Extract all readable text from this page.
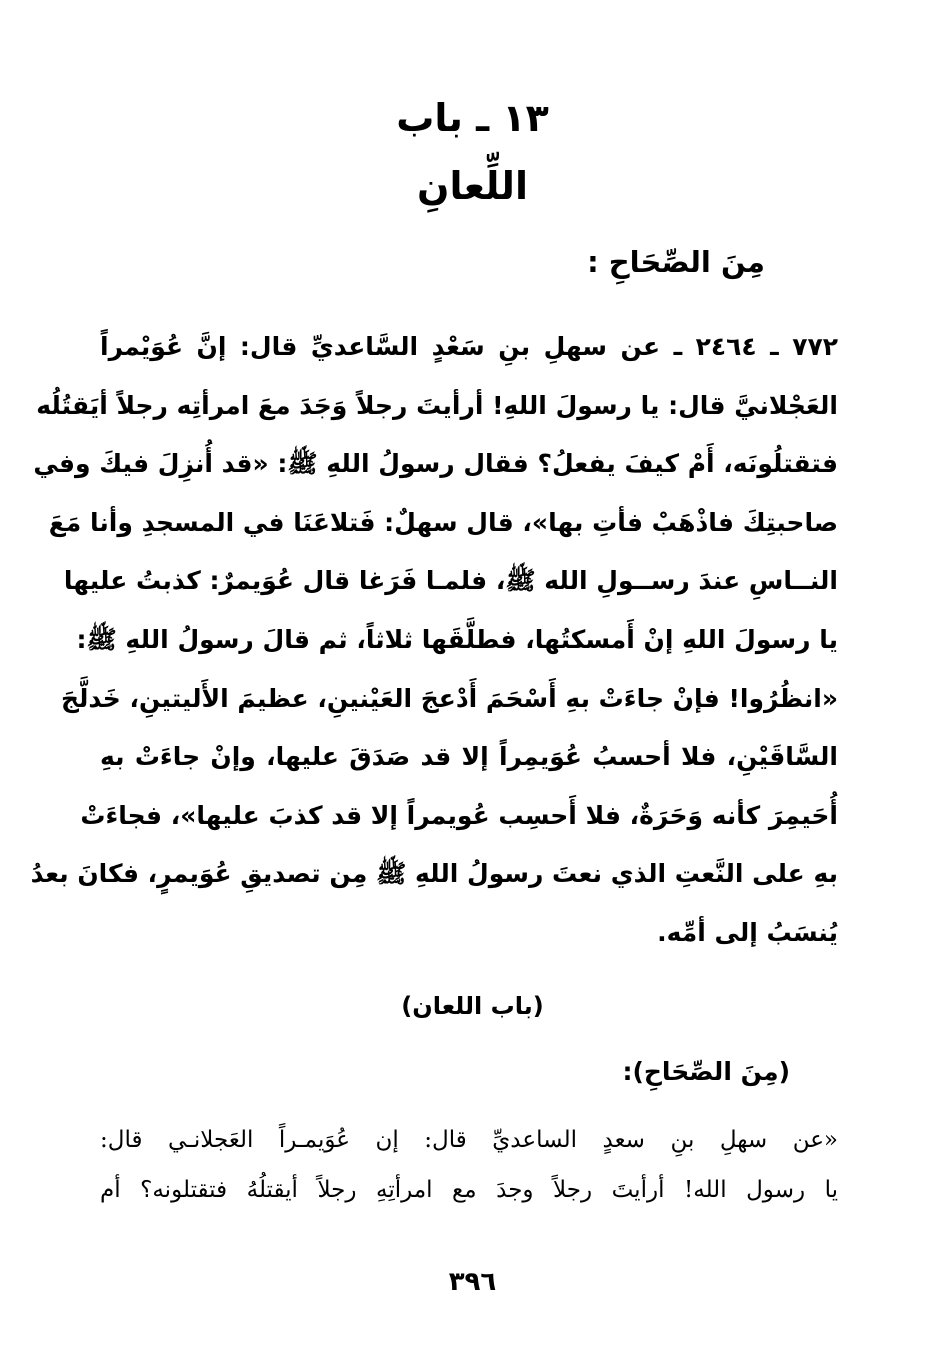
١٣ ـ باب
اللِّعانِ
مِنَ الصِّحَاحِ :
٧٧٢ ـ ٢٤٦٤ ـ عن سهلِ بنِ سَعْدٍ السَّاعديِّ قال: إنَّ عُوَيْمراً
العَجْلانيَّ قال: يا رسولَ اللهِ! أرأيتَ رجلاً وَجَدَ معَ امرأتِه رجلاً أيَقتُلُه
فتقتلُونَه، أَمْ كيفَ يفعلُ؟ فقال رسولُ اللهِ ﷺ: «قد أُنزِلَ فيكَ وفي
صاحبتِكَ فاذْهَبْ فأتِ بها»، قال سهلٌ: فَتلاعَنَا في المسجدِ وأنا مَعَ
النــاسِ عندَ رســولِ الله ﷺ، فلمـا فَرَغا قال عُوَيمرٌ: كذبتُ عليها
يا رسولَ اللهِ إنْ أَمسكتُها، فطلَّقَها ثلاثاً، ثم قالَ رسولُ اللهِ ﷺ:
«انظُرُوا! فإنْ جاءَتْ بهِ أَسْحَمَ أَدْعجَ العَيْنينِ، عظيمَ الأَليتينِ، خَدلَّجَ
السَّاقَيْنِ، فلا أحسبُ عُوَيمِراً إلا قد صَدَقَ عليها، وإنْ جاءَتْ بهِ
أُحَيمِرَ كأنه وَحَرَةٌ، فلا أَحسِب عُويمراً إلا قد كذبَ عليها»، فجاءَتْ
بهِ على النَّعتِ الذي نعتَ رسولُ اللهِ ﷺ مِن تصديقِ عُوَيمرٍ، فكانَ بعدُ
يُنسَبُ إلى أمِّه.
(باب اللعان)
(مِنَ الصِّحَاحِ):
«عن سهلِ بنِ سعدٍ الساعديِّ قال: إن عُوَيمـراً العَجلانـي قال:
يا رسول الله! أرأيتَ رجلاً وجدَ مع امرأتِهِ رجلاً أيقتلُهُ فتقتلونه؟ أم
٣٩٦
